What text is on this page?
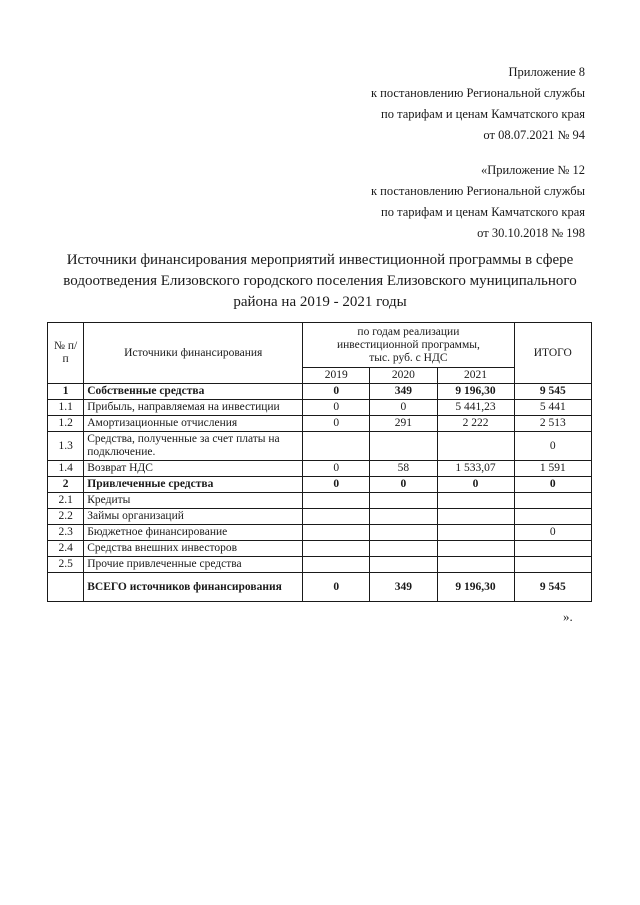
Приложение 8
к постановлению Региональной службы
по тарифам и ценам Камчатского края
от 08.07.2021 № 94
«Приложение № 12
к постановлению Региональной службы
по тарифам и ценам Камчатского края
от 30.10.2018 № 198
Источники финансирования мероприятий инвестиционной программы в сфере
водоотведения Елизовского городского поселения Елизовского муниципального
района на 2019 - 2021 годы
№ п/п	Источники финансирования	по годам реализации
инвестиционной программы,
тыс. руб. с НДС			ИТОГО
		2019	2020	2021	
1	Собственные средства	0	349	9 196,30	9 545
1.1	Прибыль, направляемая на инвестиции	0	0	5 441,23	5 441
1.2	Амортизационные отчисления	0	291	2 222	2 513
1.3	Средства, полученные за счет платы на подключение.				0
1.4	Возврат НДС	0	58	1 533,07	1 591
2	Привлеченные средства	0	0	0	0
2.1	Кредиты				
2.2	Займы организаций				
2.3	Бюджетное финансирование				0
2.4	Средства внешних инвесторов				
2.5	Прочие привлеченные средства				
	ВСЕГО источников финансирования	0	349	9 196,30	9 545
».
